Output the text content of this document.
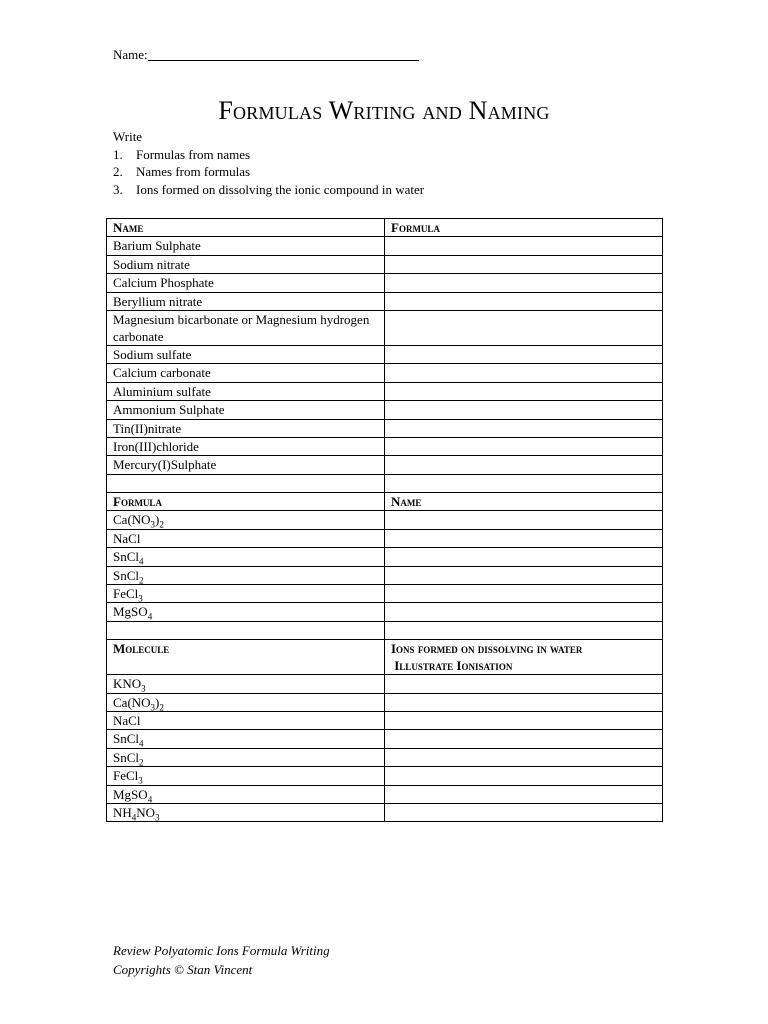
Name:
Formulas Writing and Naming
Write
1. Formulas from names
2. Names from formulas
3. Ions formed on dissolving the ionic compound in water
Name	Formula
Barium Sulphate	
Sodium nitrate	
Calcium Phosphate	
Beryllium nitrate	
Magnesium bicarbonate or Magnesium hydrogen carbonate	
Sodium sulfate	
Calcium carbonate	
Aluminium sulfate	
Ammonium Sulphate	
Tin(II)nitrate	
Iron(III)chloride	
Mercury(I)Sulphate	

Formula	Name
$Ca(NO_3)_2$	
NaCl	
SnCl$_4$	
SnCl$_2$	
FeCl$_3$	
MgSO$_4$	

Molecule	Ions formed on dissolving in water
Illustrate Ionisation

$KNO_3$	
$Ca(NO_3)_2$	
NaCl	
SnCl$_4$	
SnCl$_2$	
FeCl$_3$	
MgSO$_4$	
$NH_4NO_3$	
Review Polyatomic Ions Formula Writing
Copyrights © Stan Vincent
